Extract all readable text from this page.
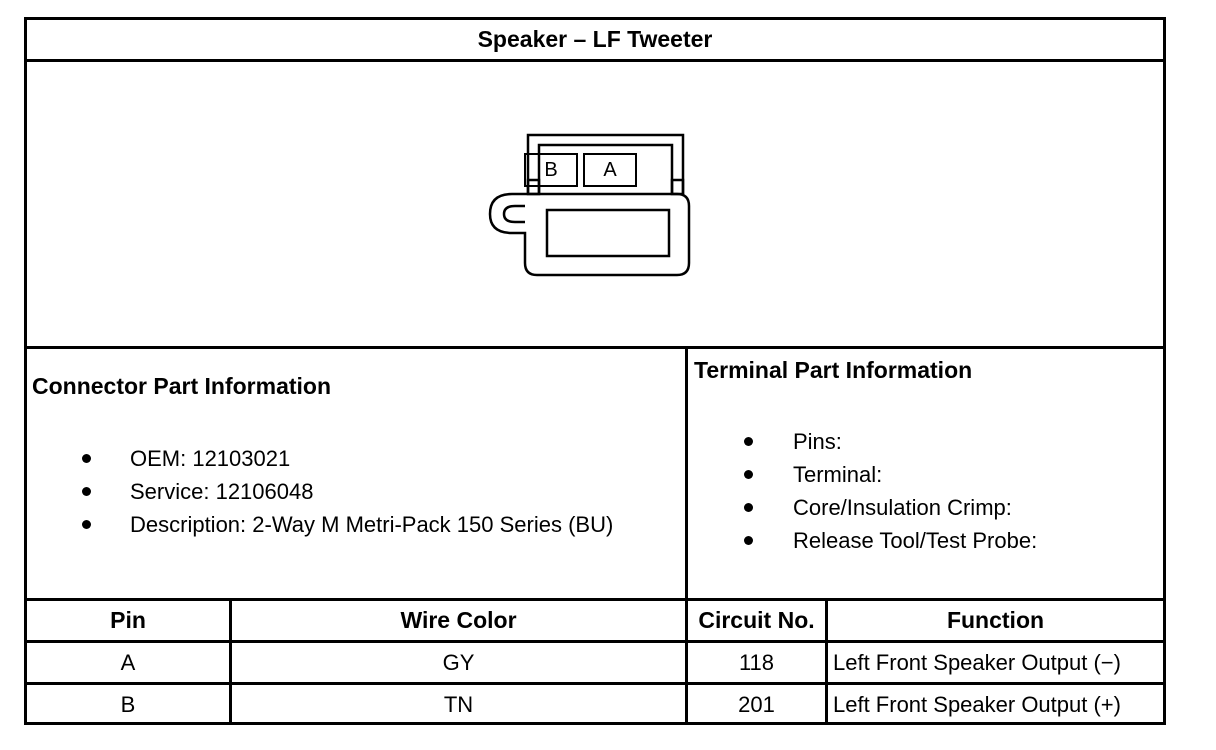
Speaker – LF Tweeter
B	A
Connector Part Information
OEM: 12103021
Service: 12106048
Description: 2-Way M Metri-Pack 150 Series (BU)
Terminal Part Information
Pins:
Terminal:
Core/Insulation Crimp:
Release Tool/Test Probe:
Pin	Wire Color	Circuit No.	Function
A	GY	118	Left Front Speaker Output (−)
B	TN	201	Left Front Speaker Output (+)
